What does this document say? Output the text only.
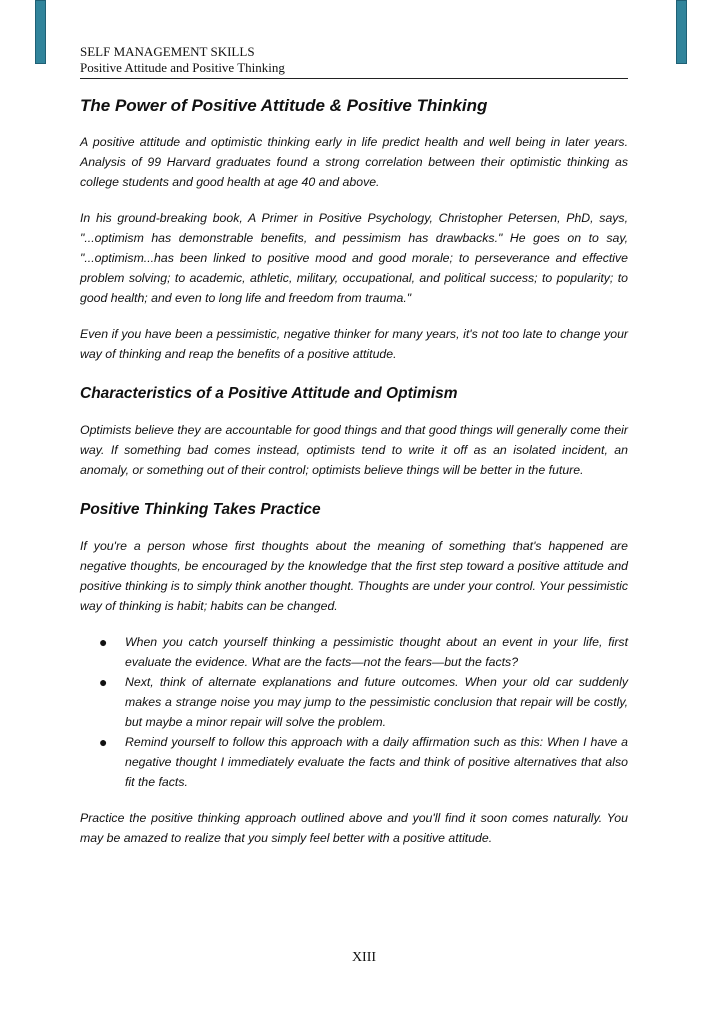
SELF MANAGEMENT SKILLS
Positive Attitude and Positive Thinking
The Power of Positive Attitude & Positive Thinking

A positive attitude and optimistic thinking early in life predict health and well being in later years. Analysis of 99 Harvard graduates found a strong correlation between their optimistic thinking as college students and good health at age 40 and above.

In his ground-breaking book, A Primer in Positive Psychology, Christopher Petersen, PhD, says, "...optimism has demonstrable benefits, and pessimism has drawbacks." He goes on to say, "...optimism...has been linked to positive mood and good morale; to perseverance and effective problem solving; to academic, athletic, military, occupational, and political success; to popularity; to good health; and even to long life and freedom from trauma."

Even if you have been a pessimistic, negative thinker for many years, it's not too late to change your way of thinking and reap the benefits of a positive attitude.

Characteristics of a Positive Attitude and Optimism

Optimists believe they are accountable for good things and that good things will generally come their way. If something bad comes instead, optimists tend to write it off as an isolated incident, an anomaly, or something out of their control; optimists believe things will be better in the future.

Positive Thinking Takes Practice

If you're a person whose first thoughts about the meaning of something that's happened are negative thoughts, be encouraged by the knowledge that the first step toward a positive attitude and positive thinking is to simply think another thought. Thoughts are under your control. Your pessimistic way of thinking is habit; habits can be changed.

● When you catch yourself thinking a pessimistic thought about an event in your life, first evaluate the evidence. What are the facts—not the fears—but the facts?
● Next, think of alternate explanations and future outcomes. When your old car suddenly makes a strange noise you may jump to the pessimistic conclusion that repair will be costly, but maybe a minor repair will solve the problem.
● Remind yourself to follow this approach with a daily affirmation such as this: When I have a negative thought I immediately evaluate the facts and think of positive alternatives that also fit the facts.

Practice the positive thinking approach outlined above and you'll find it soon comes naturally. You may be amazed to realize that you simply feel better with a positive attitude.

XIII
